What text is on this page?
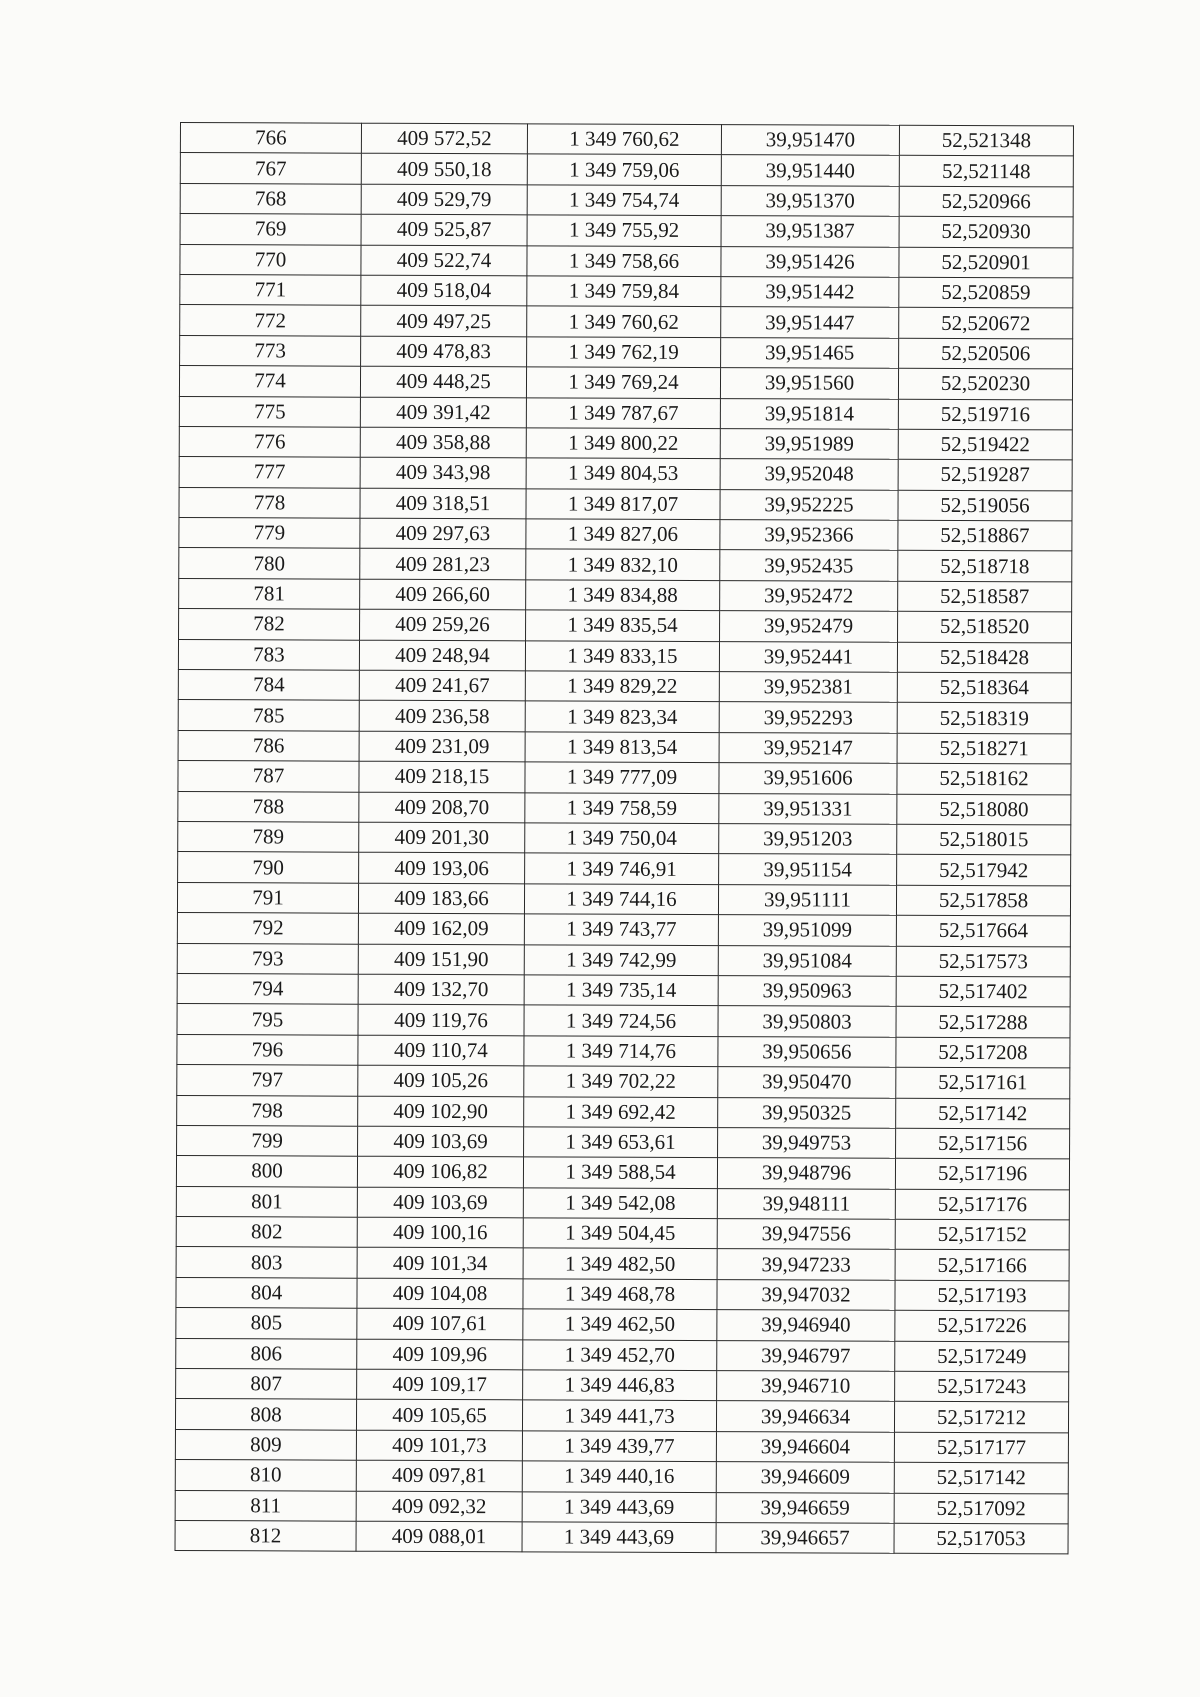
766	409 572,52	1 349 760,62	39,951470	52,521348
767	409 550,18	1 349 759,06	39,951440	52,521148
768	409 529,79	1 349 754,74	39,951370	52,520966
769	409 525,87	1 349 755,92	39,951387	52,520930
770	409 522,74	1 349 758,66	39,951426	52,520901
771	409 518,04	1 349 759,84	39,951442	52,520859
772	409 497,25	1 349 760,62	39,951447	52,520672
773	409 478,83	1 349 762,19	39,951465	52,520506
774	409 448,25	1 349 769,24	39,951560	52,520230
775	409 391,42	1 349 787,67	39,951814	52,519716
776	409 358,88	1 349 800,22	39,951989	52,519422
777	409 343,98	1 349 804,53	39,952048	52,519287
778	409 318,51	1 349 817,07	39,952225	52,519056
779	409 297,63	1 349 827,06	39,952366	52,518867
780	409 281,23	1 349 832,10	39,952435	52,518718
781	409 266,60	1 349 834,88	39,952472	52,518587
782	409 259,26	1 349 835,54	39,952479	52,518520
783	409 248,94	1 349 833,15	39,952441	52,518428
784	409 241,67	1 349 829,22	39,952381	52,518364
785	409 236,58	1 349 823,34	39,952293	52,518319
786	409 231,09	1 349 813,54	39,952147	52,518271
787	409 218,15	1 349 777,09	39,951606	52,518162
788	409 208,70	1 349 758,59	39,951331	52,518080
789	409 201,30	1 349 750,04	39,951203	52,518015
790	409 193,06	1 349 746,91	39,951154	52,517942
791	409 183,66	1 349 744,16	39,951111	52,517858
792	409 162,09	1 349 743,77	39,951099	52,517664
793	409 151,90	1 349 742,99	39,951084	52,517573
794	409 132,70	1 349 735,14	39,950963	52,517402
795	409 119,76	1 349 724,56	39,950803	52,517288
796	409 110,74	1 349 714,76	39,950656	52,517208
797	409 105,26	1 349 702,22	39,950470	52,517161
798	409 102,90	1 349 692,42	39,950325	52,517142
799	409 103,69	1 349 653,61	39,949753	52,517156
800	409 106,82	1 349 588,54	39,948796	52,517196
801	409 103,69	1 349 542,08	39,948111	52,517176
802	409 100,16	1 349 504,45	39,947556	52,517152
803	409 101,34	1 349 482,50	39,947233	52,517166
804	409 104,08	1 349 468,78	39,947032	52,517193
805	409 107,61	1 349 462,50	39,946940	52,517226
806	409 109,96	1 349 452,70	39,946797	52,517249
807	409 109,17	1 349 446,83	39,946710	52,517243
808	409 105,65	1 349 441,73	39,946634	52,517212
809	409 101,73	1 349 439,77	39,946604	52,517177
810	409 097,81	1 349 440,16	39,946609	52,517142
811	409 092,32	1 349 443,69	39,946659	52,517092
812	409 088,01	1 349 443,69	39,946657	52,517053
